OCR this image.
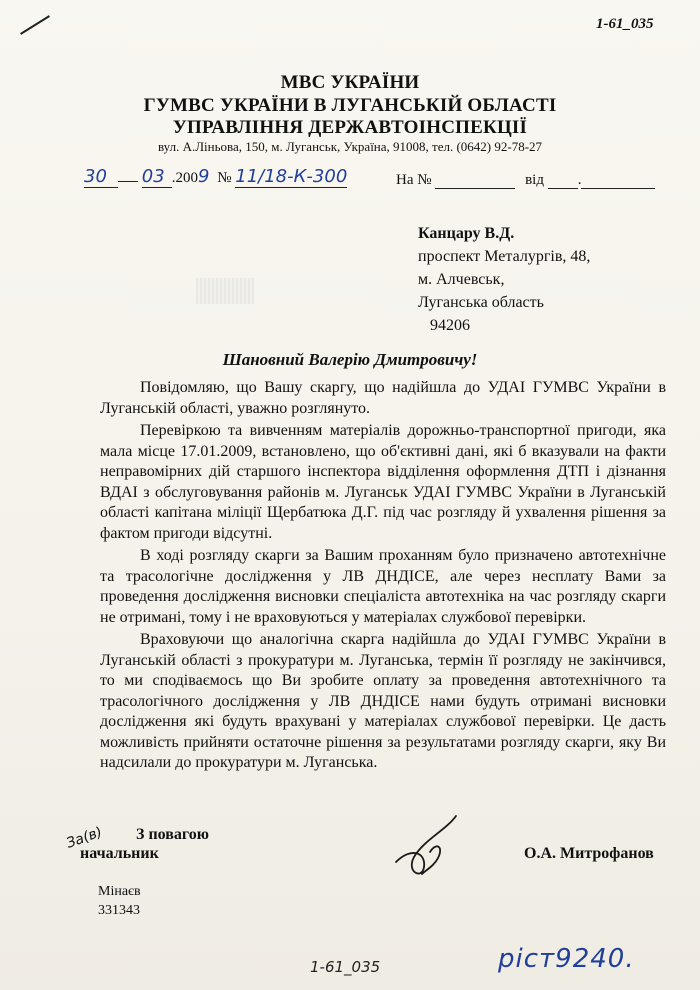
1-61_035
МВС УКРАЇНИ
ГУМВС УКРАЇНИ В ЛУГАНСЬКІЙ ОБЛАСТІ
УПРАВЛІННЯ ДЕРЖАВТОІНСПЕКЦІЇ
вул. А.Ліньова, 150, м. Луганськ, Україна, 91008, тел. (0642) 92-78-27
30 03 .2009 № 11/18-К-300	На №	від .
Канцару В.Д.
проспект Металургів, 48,
м. Алчевськ,
Луганська область
94206
Шановний Валерію Дмитровичу!

Повідомляю, що Вашу скаргу, що надійшла до УДАІ ГУМВС України в Луганській області, уважно розглянуто.

Перевіркою та вивченням матеріалів дорожньо-транспортної пригоди, яка мала місце 17.01.2009, встановлено, що об'єктивні дані, які б вказували на факти неправомірних дій старшого інспектора відділення оформлення ДТП і дізнання ВДАІ з обслуговування районів м. Луганськ УДАІ ГУМВС України в Луганській області капітана міліції Щербатюка Д.Г. під час розгляду й ухвалення рішення за фактом пригоди відсутні.

В ході розгляду скарги за Вашим проханням було призначено автотехнічне та трасологічне дослідження у ЛВ ДНДІСЕ, але через несплату Вами за проведення дослідження висновки спеціаліста автотехніка на час розгляду скарги не отримані, тому і не враховуються у матеріалах службової перевірки.

Враховуючи що аналогічна скарга надійшла до УДАІ ГУМВС України в Луганській області з прокуратури м. Луганська, термін її розгляду не закінчився, то ми сподіваємось що Ви зробите оплату за проведення автотехнічного та трасологічного дослідження у ЛВ ДНДІСЕ нами будуть отримані висновки дослідження які будуть врахувані у матеріалах службової перевірки. Це дасть можливість прийняти остаточне рішення за результатами розгляду скарги, яку Ви надсилали до прокуратури м. Луганська.

З повагою
За(в)
начальник	О.А. Митрофанов
Мінаєв
331343
1-61_035	ріст9240.
